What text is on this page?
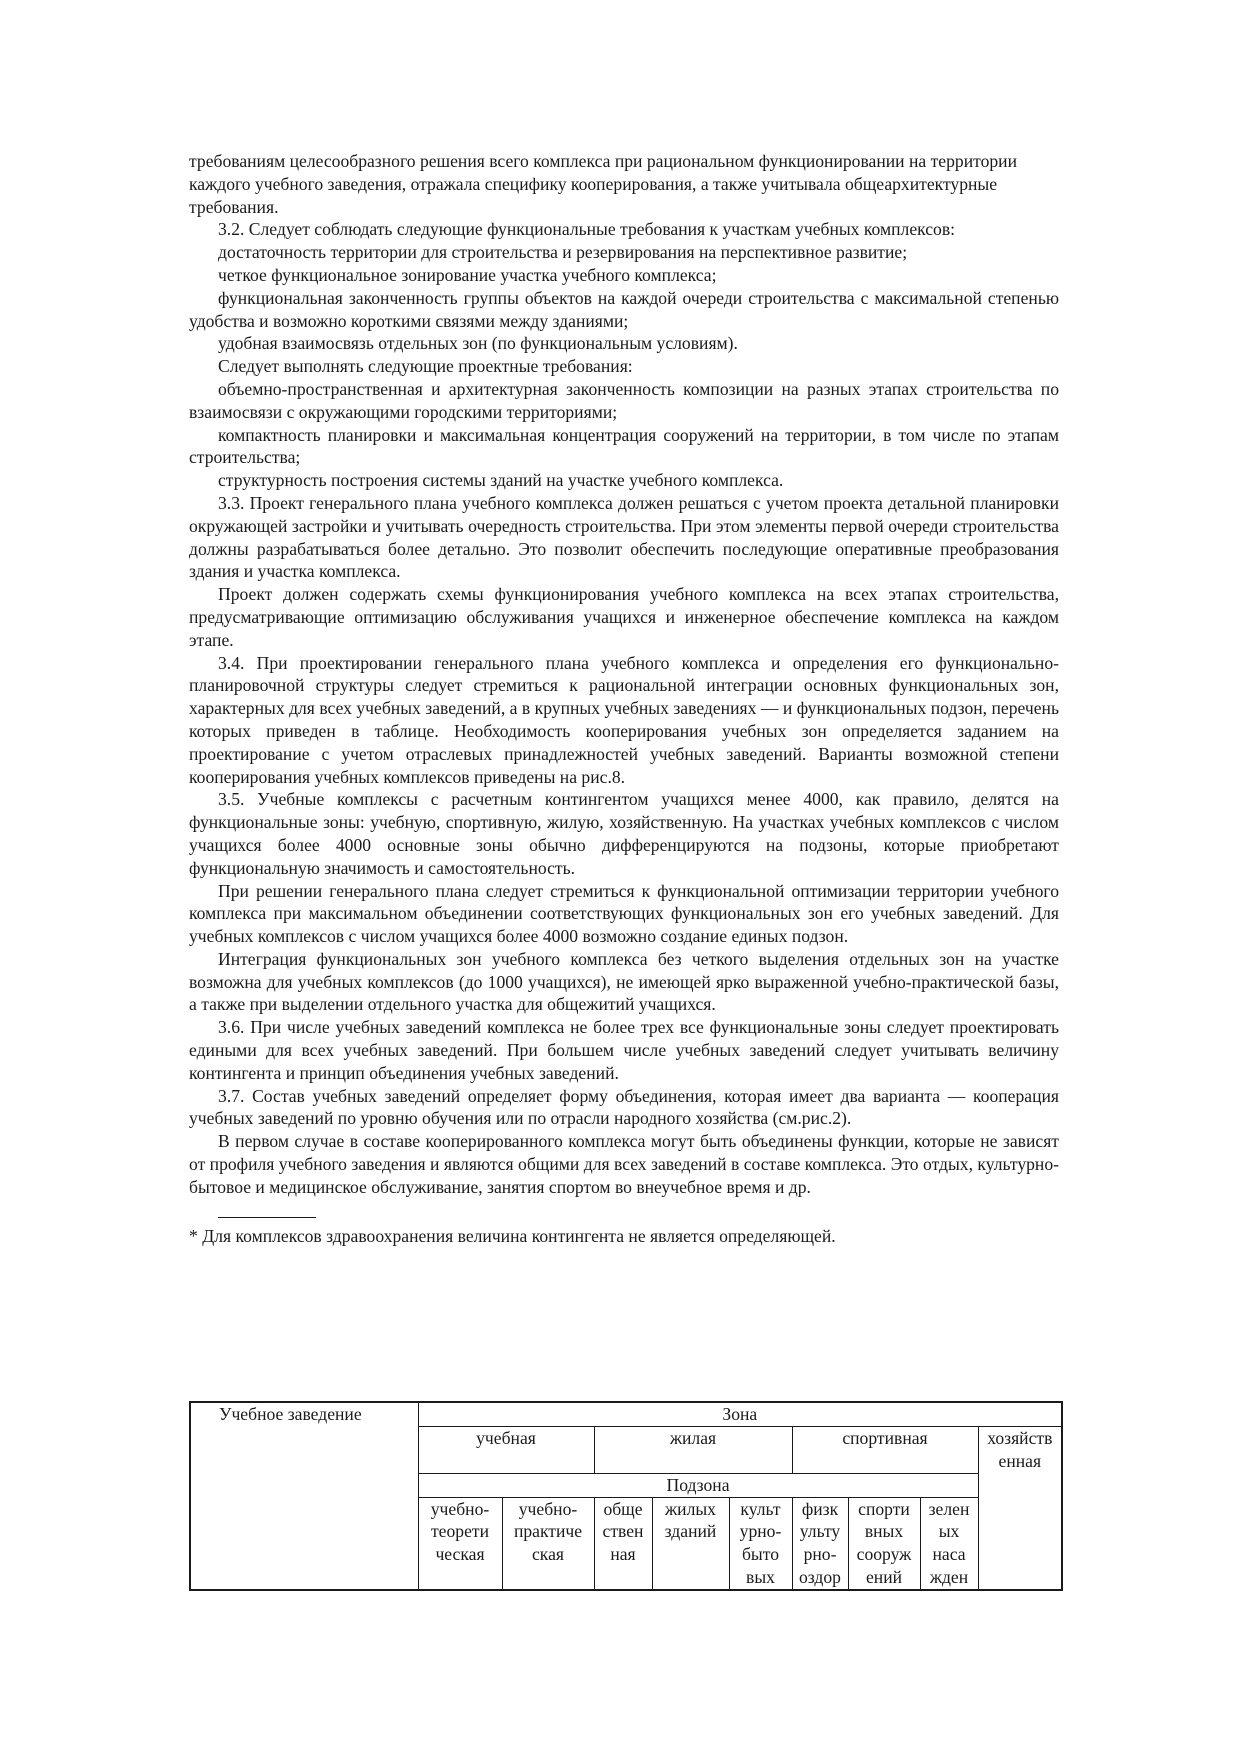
требованиям целесообразного решения всего комплекса при рациональном функционировании на территории каждого учебного заведения, отражала специфику кооперирования, а также учитывала общеархитектурные требования.

3.2. Следует соблюдать следующие функциональные требования к участкам учебных комплексов:

достаточность территории для строительства и резервирования на перспективное развитие;

четкое функциональное зонирование участка учебного комплекса;

функциональная законченность группы объектов на каждой очереди строительства с максимальной степенью удобства и возможно короткими связями между зданиями;

удобная взаимосвязь отдельных зон (по функциональным условиям).

Следует выполнять следующие проектные требования:

объемно-пространственная и архитектурная законченность композиции на разных этапах строительства по взаимосвязи с окружающими городскими территориями;

компактность планировки и максимальная концентрация сооружений на территории, в том числе по этапам строительства;

структурность построения системы зданий на участке учебного комплекса.

3.3. Проект генерального плана учебного комплекса должен решаться с учетом проекта детальной планировки окружающей застройки и учитывать очередность строительства. При этом элементы первой очереди строительства должны разрабатываться более детально. Это позволит обеспечить последующие оперативные преобразования здания и участка комплекса.

Проект должен содержать схемы функционирования учебного комплекса на всех этапах строительства, предусматривающие оптимизацию обслуживания учащихся и инженерное обеспечение комплекса на каждом этапе.

3.4. При проектировании генерального плана учебного комплекса и определения его функционально-планировочной структуры следует стремиться к рациональной интеграции основных функциональных зон, характерных для всех учебных заведений, а в крупных учебных заведениях — и функциональных подзон, перечень которых приведен в таблице. Необходимость кооперирования учебных зон определяется заданием на проектирование с учетом отраслевых принадлежностей учебных заведений. Варианты возможной степени кооперирования учебных комплексов приведены на рис.8.

3.5. Учебные комплексы с расчетным контингентом учащихся менее 4000, как правило, делятся на функциональные зоны: учебную, спортивную, жилую, хозяйственную. На участках учебных комплексов с числом учащихся более 4000 основные зоны обычно дифференцируются на подзоны, которые приобретают функциональную значимость и самостоятельность.

При решении генерального плана следует стремиться к функциональной оптимизации территории учебного комплекса при максимальном объединении соответствующих функциональных зон его учебных заведений. Для учебных комплексов с числом учащихся более 4000 возможно создание единых подзон.

Интеграция функциональных зон учебного комплекса без четкого выделения отдельных зон на участке возможна для учебных комплексов (до 1000 учащихся), не имеющей ярко выраженной учебно-практической базы, а также при выделении отдельного участка для общежитий учащихся.

3.6. При числе учебных заведений комплекса не более трех все функциональные зоны следует проектировать едиными для всех учебных заведений. При большем числе учебных заведений следует учитывать величину контингента и принцип объединения учебных заведений.

3.7. Состав учебных заведений определяет форму объединения, которая имеет два варианта — кооперация учебных заведений по уровню обучения или по отрасли народного хозяйства (см.рис.2).

В первом случае в составе кооперированного комплекса могут быть объединены функции, которые не зависят от профиля учебного заведения и являются общими для всех заведений в составе комплекса. Это отдых, культурно-бытовое и медицинское обслуживание, занятия спортом во внеучебное время и др.

* Для комплексов здравоохранения величина контингента не является определяющей.

Учебное заведение	Зона								
	учебная		жилая			спортивная			хозяйств енная
	Подзона								
	учебно-теорети ческая	учебно-практиче ская	обще ствен ная	жилых зданий	культ урно-быто вых	физк ульту рно-оздор	спорти вных сооруж ений	зелен ых наса жден	
